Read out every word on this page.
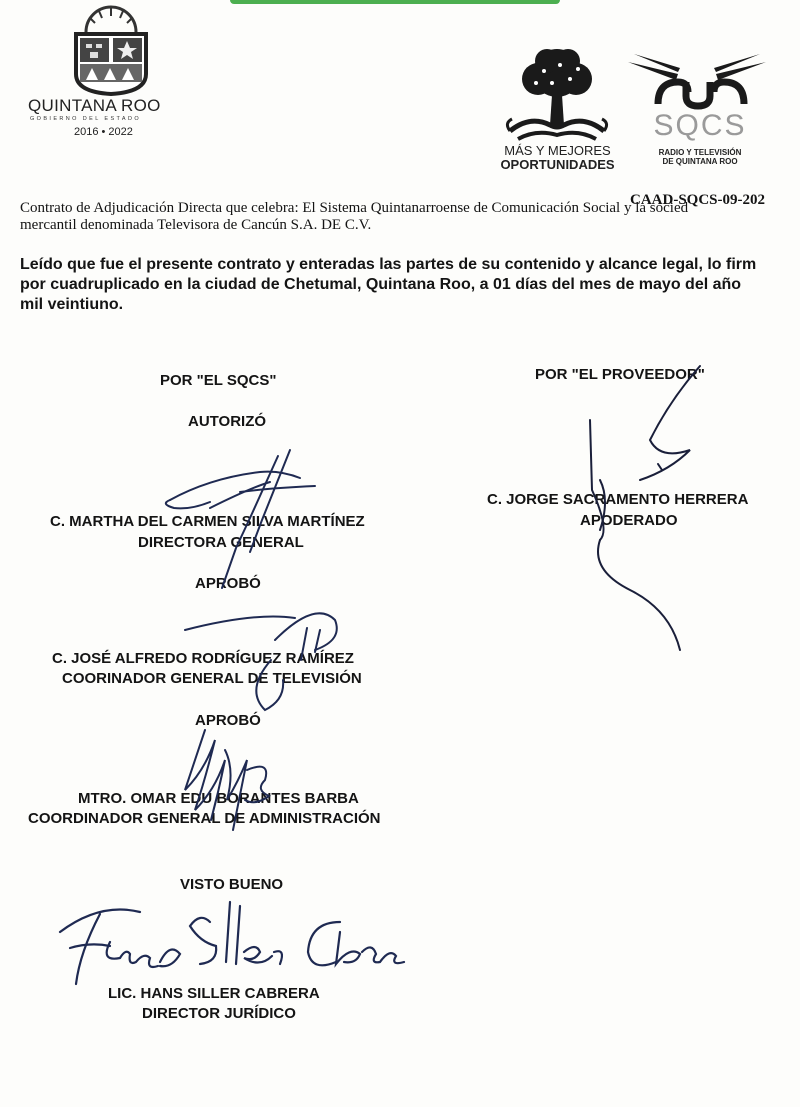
QUINTANA ROO
GOBIERNO DEL ESTADO
2016 • 2022
MÁS Y MEJORES
OPORTUNIDADES
SQCS
RADIO Y TELEVISIÓN
DE QUINTANA ROO
Contrato de Adjudicación Directa que celebra: El Sistema Quintanarroense de Comunicación Social y la socied
CAAD-SQCS-09-202
mercantil denominada Televisora de Cancún S.A. DE C.V.
Leído que fue el presente contrato y enteradas las partes de su contenido y alcance legal, lo firm
por cuadruplicado en la ciudad de Chetumal, Quintana Roo, a 01 días del mes de mayo del año
mil veintiuno.
POR "EL SQCS"	POR "EL PROVEEDOR"
AUTORIZÓ
C. MARTHA DEL CARMEN SILVA MARTÍNEZ
DIRECTORA GENERAL
APROBÓ
C. JOSÉ ALFREDO RODRÍGUEZ RAMÍREZ
COORINADOR GENERAL DE TELEVISIÓN
APROBÓ
MTRO. OMAR EDU BORANTES BARBA
COORDINADOR GENERAL DE ADMINISTRACIÓN
VISTO BUENO
LIC. HANS SILLER CABRERA
DIRECTOR JURÍDICO
C. JORGE SACRAMENTO HERRERA
APODERADO
